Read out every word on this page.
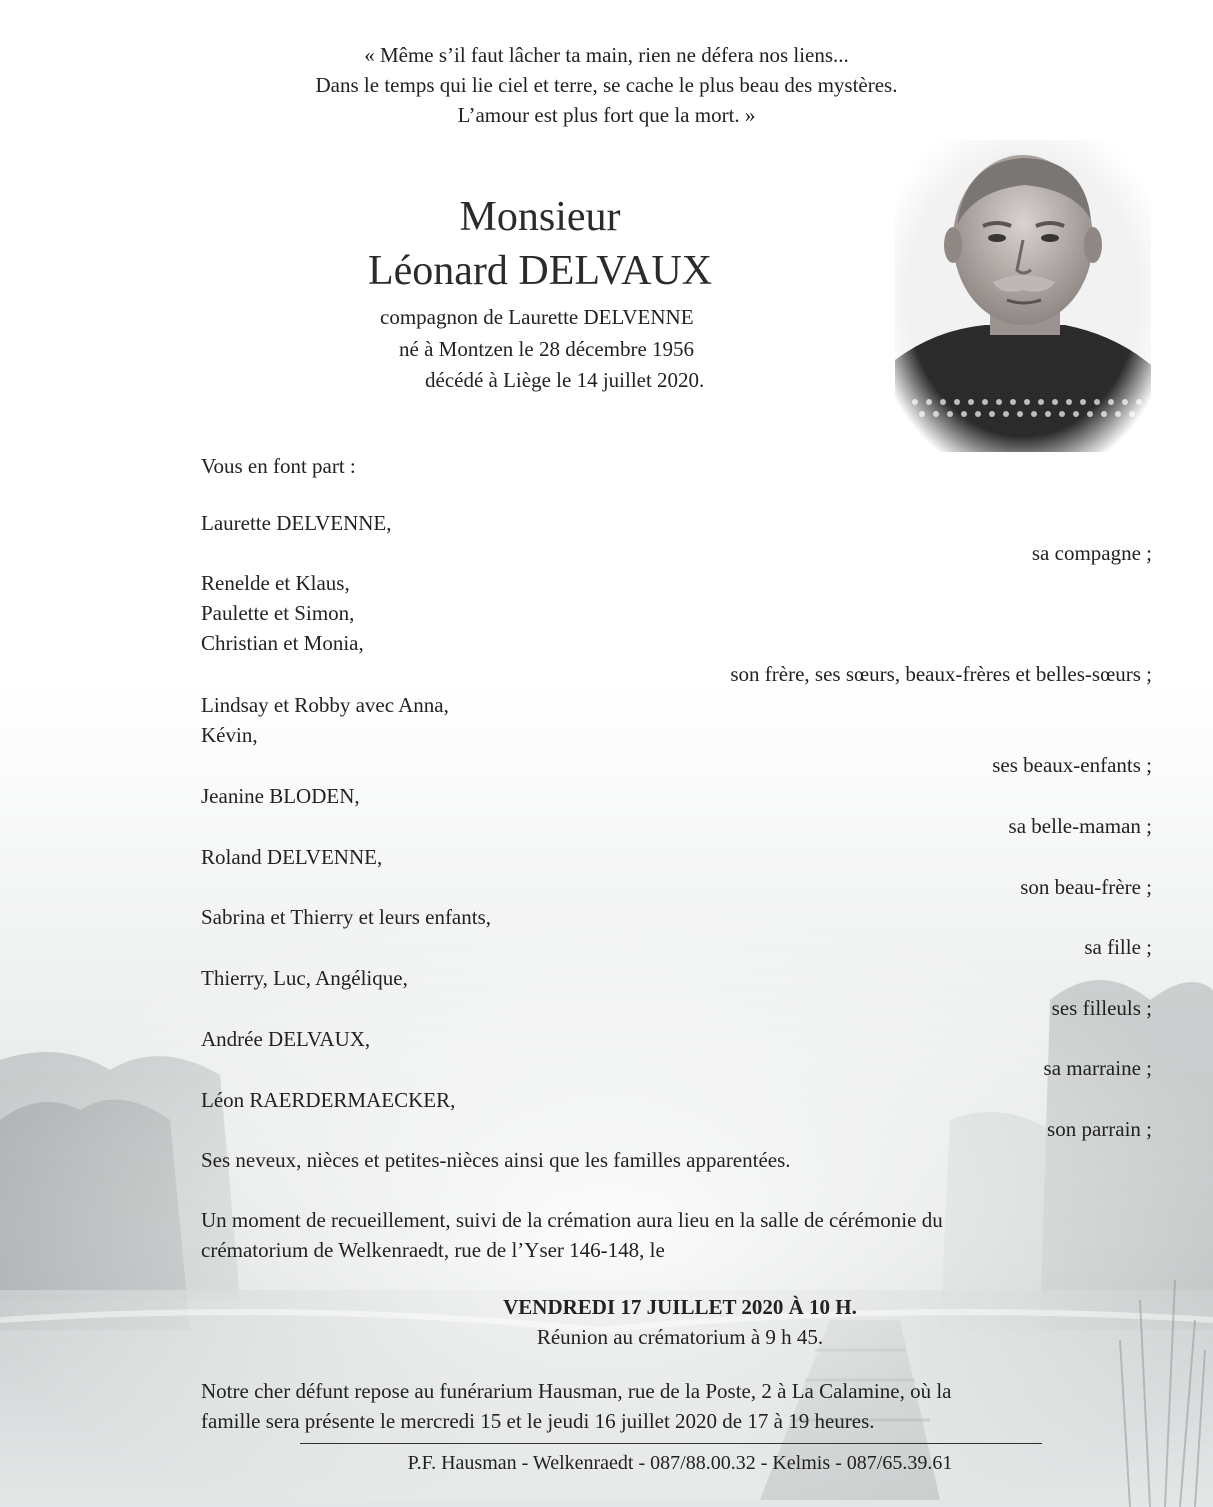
« Même s’il faut lâcher ta main, rien ne défera nos liens...
Dans le temps qui lie ciel et terre, se cache le plus beau des mystères.
L’amour est plus fort que la mort. »
Monsieur
Léonard DELVAUX
compagnon de Laurette DELVENNE
né à Montzen le 28 décembre 1956
décédé à Liège le 14 juillet 2020.
Vous en font part :
Laurette DELVENNE,
sa compagne ;
Renelde et Klaus,
Paulette et Simon,
Christian et Monia,
son frère, ses sœurs, beaux-frères et belles-sœurs ;
Lindsay et Robby avec Anna,
Kévin,
ses beaux-enfants ;
Jeanine BLODEN,
sa belle-maman ;
Roland DELVENNE,
son beau-frère ;
Sabrina et Thierry et leurs enfants,
sa fille ;
Thierry, Luc, Angélique,
ses filleuls ;
Andrée DELVAUX,
sa marraine ;
Léon RAERDERMAECKER,
son parrain ;
Ses neveux, nièces et petites-nièces ainsi que les familles apparentées.
Un moment de recueillement, suivi de la crémation aura lieu en la salle de cérémonie du
crématorium de Welkenraedt, rue de l’Yser 146-148, le
VENDREDI 17 JUILLET 2020 À 10 H.
Réunion au crématorium à 9 h 45.
Notre cher défunt repose au funérarium Hausman, rue de la Poste, 2 à La Calamine, où la
famille sera présente le mercredi 15 et le jeudi 16 juillet 2020 de 17 à 19 heures.
P.F. Hausman - Welkenraedt - 087/88.00.32 - Kelmis - 087/65.39.61
